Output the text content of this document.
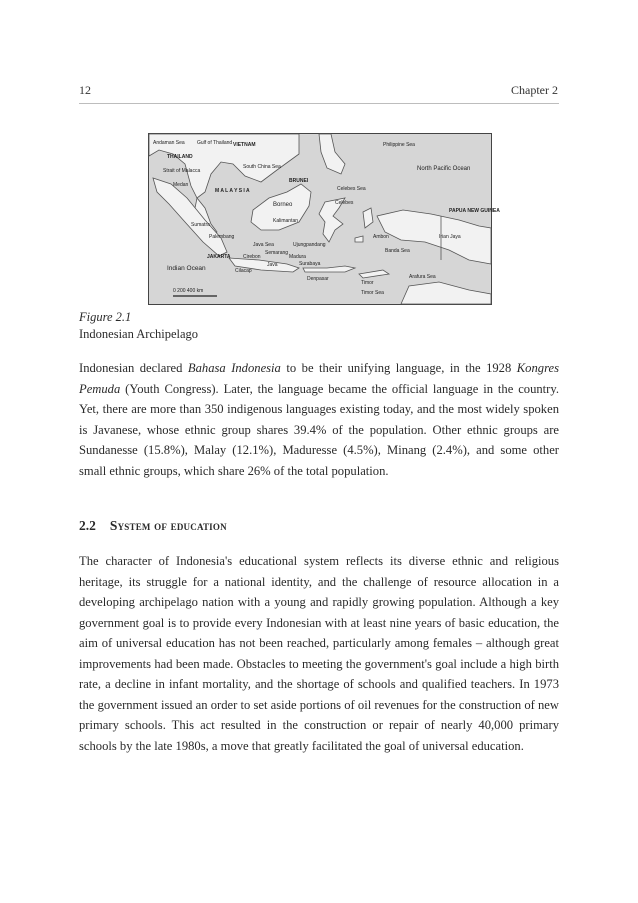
12	Chapter 2
Andaman Sea
THAILAND
Gulf of Thailand VIETNAM	Philippine Sea
Strait of Malacca
South China Sea
BRUNEI
North Pacific Ocean
Medan
M A L A Y S I A
Borneo
Celebes Sea
Celebes
PAPUA NEW GUINEA
Sumatra
Kalimantan
Palembang
Java Sea	Ujungpandang
Ambon	Irian Jaya
Semarang	Banda Sea
JAKARTA Cirebon	Madura
Java	Surabaya
Indian Ocean	Cilacap
Denpasar
Timor
Arafura Sea
Timor Sea
0 200 400 km
Figure 2.1
Indonesian Archipelago

Indonesian declared Bahasa Indonesia to be their unifying language, in the 1928 Kongres Pemuda (Youth Congress). Later, the language became the official language in the country. Yet, there are more than 350 indigenous languages existing today, and the most widely spoken is Javanese, whose ethnic group shares 39.4% of the population. Other ethnic groups are Sundanesse (15.8%), Malay (12.1%), Maduresse (4.5%), Minang (2.4%), and some other small ethnic groups, which share 26% of the total population.

2.2 System of education

The character of Indonesia's educational system reflects its diverse ethnic and religious heritage, its struggle for a national identity, and the challenge of resource allocation in a developing archipelago nation with a young and rapidly growing population. Although a key government goal is to provide every Indonesian with at least nine years of basic education, the aim of universal education has not been reached, particularly among females – although great improvements had been made. Obstacles to meeting the government's goal include a high birth rate, a decline in infant mortality, and the shortage of schools and qualified teachers. In 1973 the government issued an order to set aside portions of oil revenues for the construction of new primary schools. This act resulted in the construction or repair of nearly 40,000 primary schools by the late 1980s, a move that greatly facilitated the goal of universal education.
